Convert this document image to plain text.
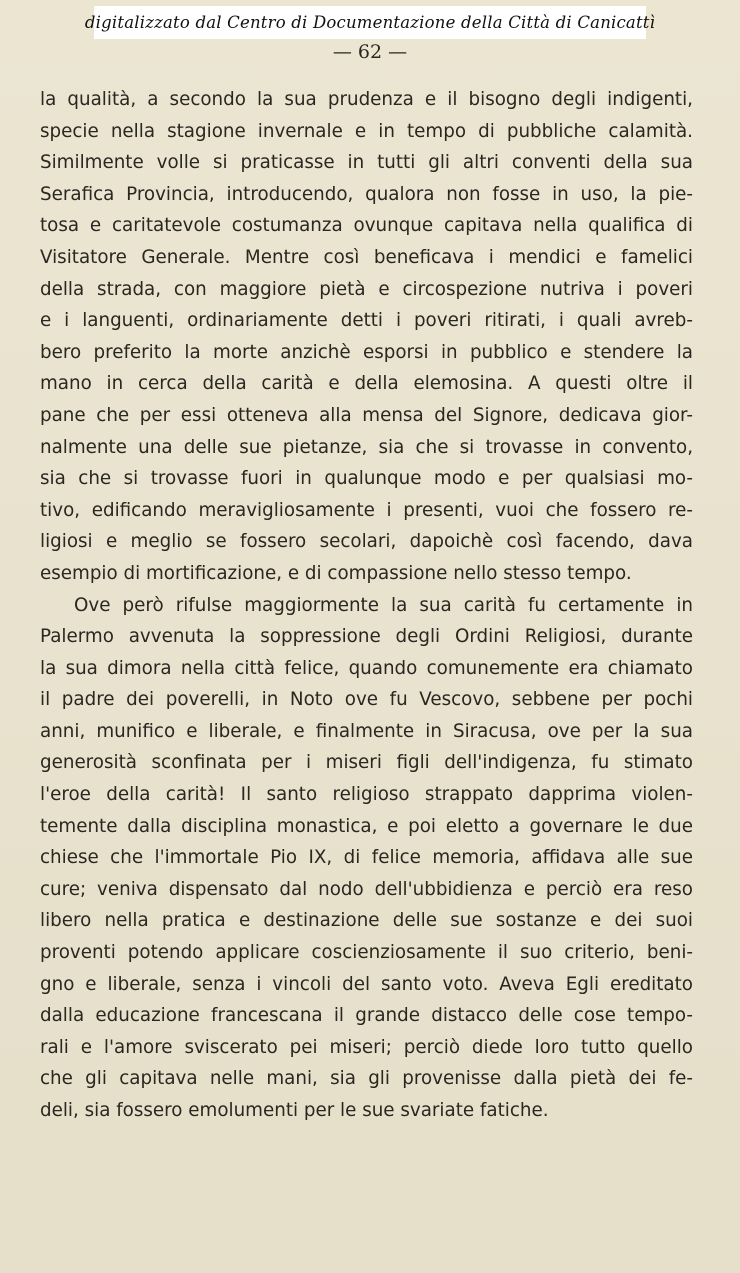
digitalizzato dal Centro di Documentazione della Città di Canicattì
— 62 —
la qualità, a secondo la sua prudenza e il bisogno degli indigenti,
specie nella stagione invernale e in tempo di pubbliche calamità.
Similmente volle si praticasse in tutti gli altri conventi della sua
Serafica Provincia, introducendo, qualora non fosse in uso, la pie-
tosa e caritatevole costumanza ovunque capitava nella qualifica di
Visitatore Generale. Mentre così beneficava i mendici e famelici
della strada, con maggiore pietà e circospezione nutriva i poveri
e i languenti, ordinariamente detti i poveri ritirati, i quali avreb-
bero preferito la morte anzichè esporsi in pubblico e stendere la
mano in cerca della carità e della elemosina. A questi oltre il
pane che per essi otteneva alla mensa del Signore, dedicava gior-
nalmente una delle sue pietanze, sia che si trovasse in convento,
sia che si trovasse fuori in qualunque modo e per qualsiasi mo-
tivo, edificando meravigliosamente i presenti, vuoi che fossero re-
ligiosi e meglio se fossero secolari, dapoichè così facendo, dava
esempio di mortificazione, e di compassione nello stesso tempo.
Ove però rifulse maggiormente la sua carità fu certamente in
Palermo avvenuta la soppressione degli Ordini Religiosi, durante
la sua dimora nella città felice, quando comunemente era chiamato
il padre dei poverelli, in Noto ove fu Vescovo, sebbene per pochi
anni, munifico e liberale, e finalmente in Siracusa, ove per la sua
generosità sconfinata per i miseri figli dell'indigenza, fu stimato
l'eroe della carità! Il santo religioso strappato dapprima violen-
temente dalla disciplina monastica, e poi eletto a governare le due
chiese che l'immortale Pio IX, di felice memoria, affidava alle sue
cure; veniva dispensato dal nodo dell'ubbidienza e perciò era reso
libero nella pratica e destinazione delle sue sostanze e dei suoi
proventi potendo applicare coscienziosamente il suo criterio, beni-
gno e liberale, senza i vincoli del santo voto. Aveva Egli ereditato
dalla educazione francescana il grande distacco delle cose tempo-
rali e l'amore sviscerato pei miseri; perciò diede loro tutto quello
che gli capitava nelle mani, sia gli provenisse dalla pietà dei fe-
deli, sia fossero emolumenti per le sue svariate fatiche.
